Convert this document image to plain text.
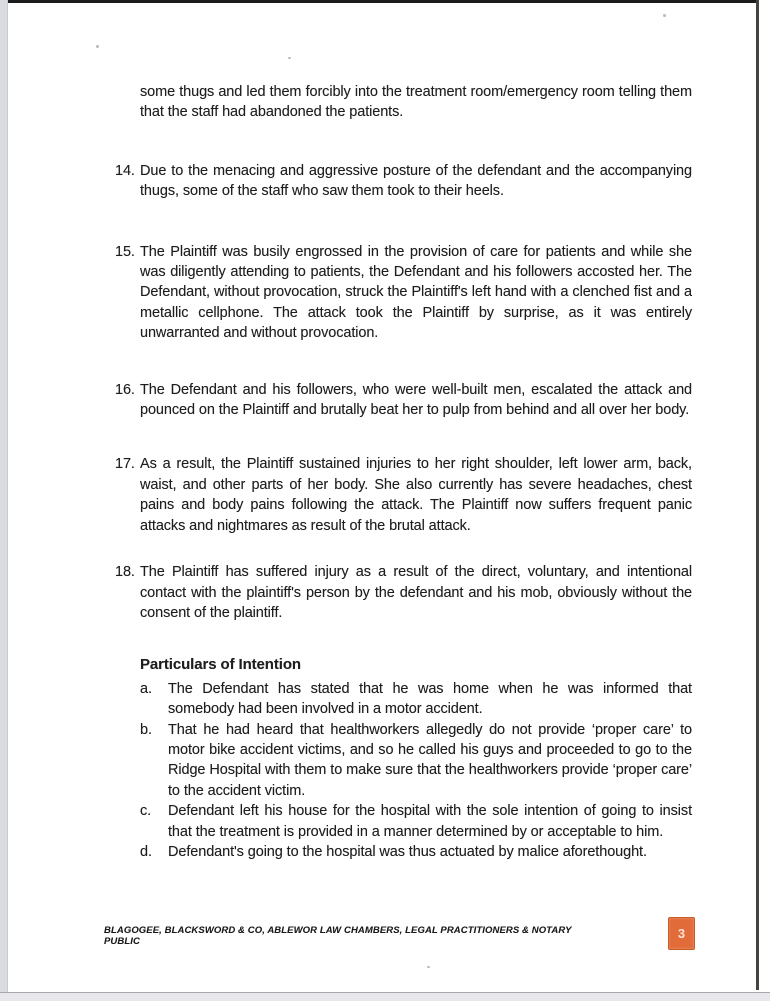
some thugs and led them forcibly into the treatment room/emergency room telling them that the staff had abandoned the patients.
14. Due to the menacing and aggressive posture of the defendant and the accompanying thugs, some of the staff who saw them took to their heels.
15. The Plaintiff was busily engrossed in the provision of care for patients and while she was diligently attending to patients, the Defendant and his followers accosted her. The Defendant, without provocation, struck the Plaintiff's left hand with a clenched fist and a metallic cellphone. The attack took the Plaintiff by surprise, as it was entirely unwarranted and without provocation.
16. The Defendant and his followers, who were well-built men, escalated the attack and pounced on the Plaintiff and brutally beat her to pulp from behind and all over her body.
17. As a result, the Plaintiff sustained injuries to her right shoulder, left lower arm, back, waist, and other parts of her body. She also currently has severe headaches, chest pains and body pains following the attack. The Plaintiff now suffers frequent panic attacks and nightmares as result of the brutal attack.
18. The Plaintiff has suffered injury as a result of the direct, voluntary, and intentional contact with the plaintiff's person by the defendant and his mob, obviously without the consent of the plaintiff.
Particulars of Intention
a.	The Defendant has stated that he was home when he was informed that somebody had been involved in a motor accident.
b.	That he had heard that healthworkers allegedly do not provide ‘proper care’ to motor bike accident victims, and so he called his guys and proceeded to go to the Ridge Hospital with them to make sure that the healthworkers provide ‘proper care’ to the accident victim.
c.	Defendant left his house for the hospital with the sole intention of going to insist that the treatment is provided in a manner determined by or acceptable to him.
d.	Defendant's going to the hospital was thus actuated by malice aforethought.
BLAGOGEE, BLACKSWORD & CO, ABLEWOR LAW CHAMBERS, LEGAL PRACTITIONERS & NOTARY PUBLIC
3
